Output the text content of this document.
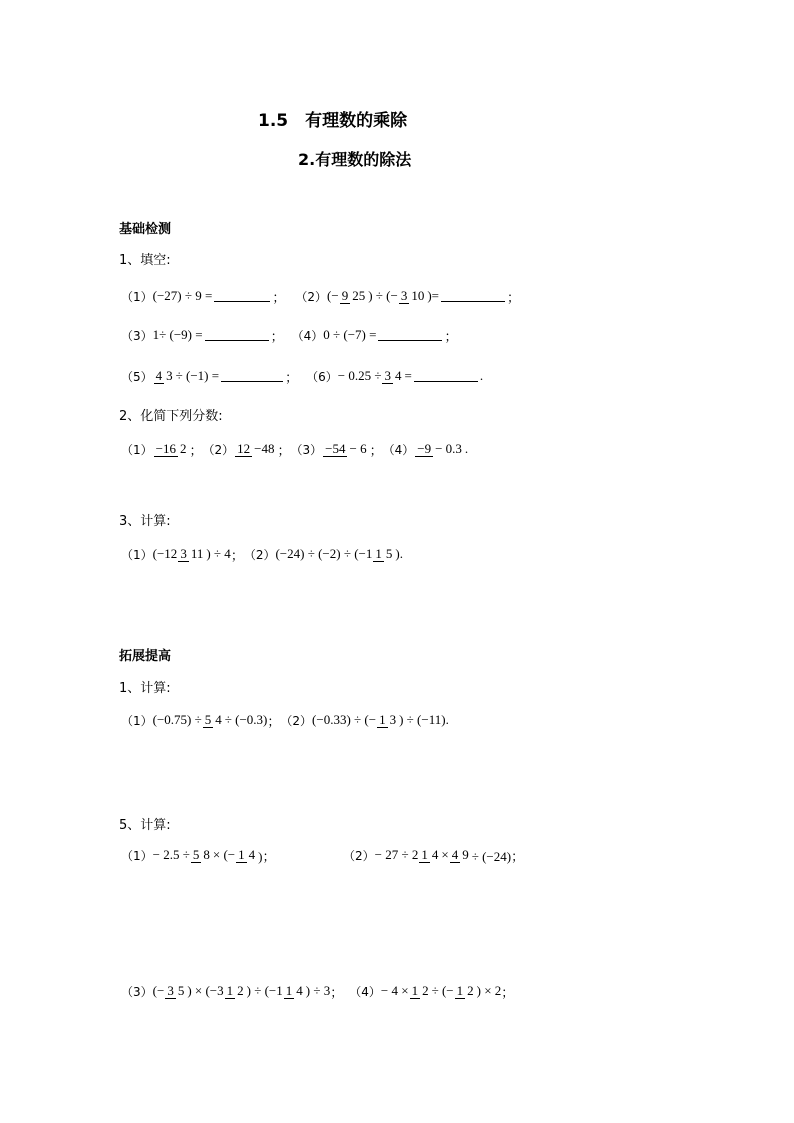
1.5　有理数的乘除
2.有理数的除法
基础检测
1、填空:
（1） (−27) ÷ 9 =	； （2） (− 9 25 ) ÷ (− 3 10 )=	；
（3） 1÷ (−9) =	； （4） 0 ÷ (−7) =	；
（5） 4 3 ÷ (−1) =	； （6） − 0.25 ÷ 3 4 =	.
2、化简下列分数:
（1） −16 2 ； （2） 12 −48 ； （3） −54 − 6 ； （4） −9 − 0.3 .
3、计算:
（1） (−12 3 11 ) ÷ 4 ； （2） (−24) ÷ (−2) ÷ (−1 1 5 ).
拓展提高
1、计算:
（1） (−0.75) ÷ 5 4 ÷ (−0.3) ； （2） (−0.33) ÷ (− 1 3 ) ÷ (−11).
5、计算:
（1） − 2.5 ÷ 5 8 × (− 1 4 )；	（2） − 27 ÷ 2 1 4 × 4 9 ÷ (−24)；
（3） (− 3 5 ) × (−3 1 2 ) ÷ (−1 1 4 ) ÷ 3 ； （4） − 4 × 1 2 ÷ (− 1 2 ) × 2 ；
